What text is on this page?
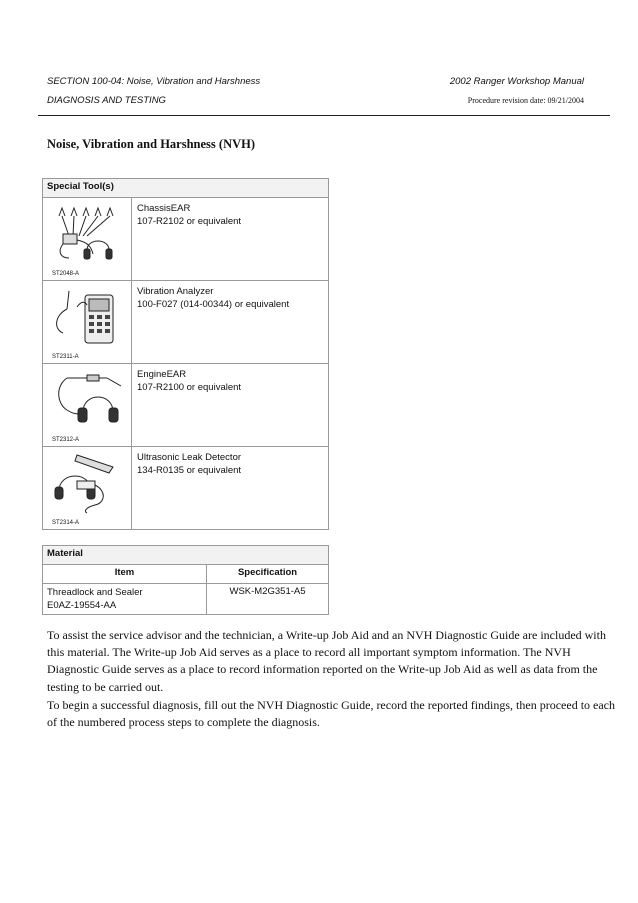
SECTION 100-04: Noise, Vibration and Harshness
DIAGNOSIS AND TESTING
2002 Ranger Workshop Manual
Procedure revision date: 09/21/2004
Noise, Vibration and Harshness (NVH)
Special Tool(s)	

ST2048-A	ChassisEAR
107-R2102 or equivalent

ST2311-A	Vibration Analyzer
100-F027 (014-00344) or equivalent

ST2312-A	EngineEAR
107-R2100 or equivalent

ST2314-A	Ultrasonic Leak Detector
134-R0135 or equivalent
Material	
Item	Specification

Threadlock and Sealer
E0AZ-19554-AA	WSK-M2G351-A5

To assist the service advisor and the technician, a Write-up Job Aid and an NVH Diagnostic Guide are included with this material. The Write-up Job Aid serves as a place to record all important symptom information. The NVH Diagnostic Guide serves as a place to record information reported on the Write-up Job Aid as well as data from the testing to be carried out.

To begin a successful diagnosis, fill out the NVH Diagnostic Guide, record the reported findings, then proceed to each of the numbered process steps to complete the diagnosis.
